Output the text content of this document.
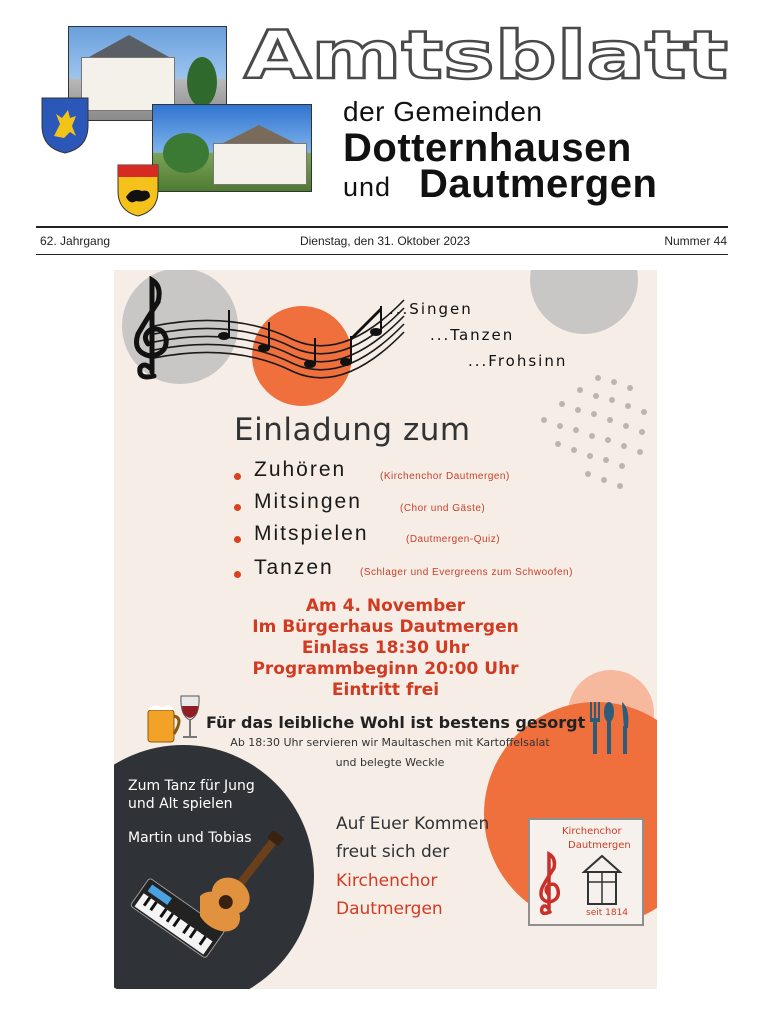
Amtsblatt
der Gemeinden
Dotternhausen
und Dautmergen
62. Jahrgang	Dienstag, den 31. Oktober 2023	Nummer 44
...Singen
...Tanzen
...Frohsinn
Einladung zum
Zuhören	(Kirchenchor Dautmergen)
Mitsingen	(Chor und Gäste)
Mitspielen	(Dautmergen-Quiz)
Tanzen	(Schlager und Evergreens zum Schwoofen)
Am 4. November
Im Bürgerhaus Dautmergen
Einlass 18:30 Uhr
Programmbeginn 20:00 Uhr
Eintritt frei
Für das leibliche Wohl ist bestens gesorgt
Ab 18:30 Uhr servieren wir Maultaschen mit Kartoffelsalat
und belegte Weckle
Zum Tanz für Jung
und Alt spielen
Martin und Tobias
Auf Euer Kommen
freut sich der
Kirchenchor
Dautmergen
Kirchenchor
Dautmergen
seit 1814
